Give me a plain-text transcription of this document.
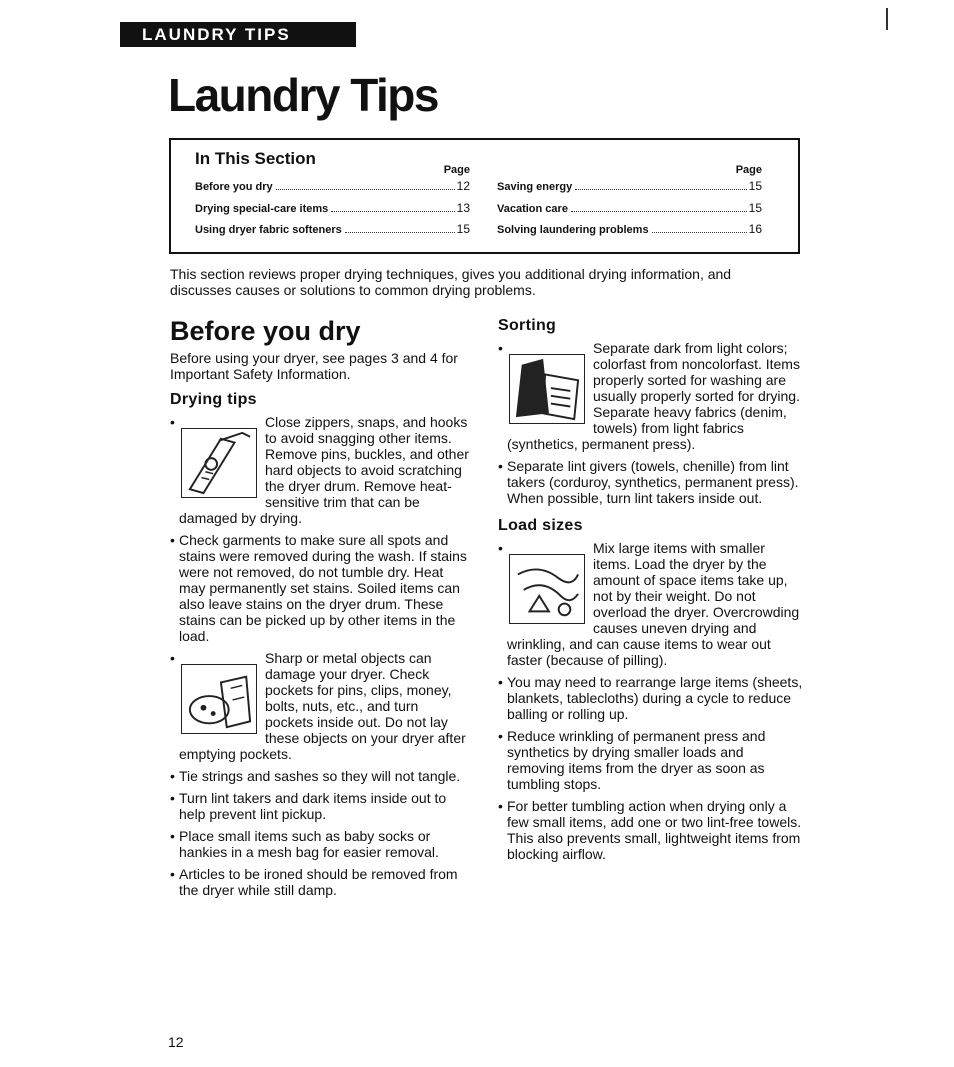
LAUNDRY TIPS
Laundry Tips
In This Section
Page
Before you dry	12
Drying special-care items	13
Using dryer fabric softeners	15
Page
Saving energy	15
Vacation care	15
Solving laundering problems	16

This section reviews proper drying techniques, gives you additional drying information, and discusses causes or solutions to common drying problems.

Before you dry

Before using your dryer, see pages 3 and 4 for Important Safety Information.

Drying tips
• Close zippers, snaps, and hooks to avoid snagging other items. Remove pins, buckles, and other hard objects to avoid scratching the dryer drum. Remove heat-sensitive trim that can be damaged by drying.
• Check garments to make sure all spots and stains were removed during the wash. If stains were not removed, do not tumble dry. Heat may permanently set stains. Soiled items can also leave stains on the dryer drum. These stains can be picked up by other items in the load.
• Sharp or metal objects can damage your dryer. Check pockets for pins, clips, money, bolts, nuts, etc., and turn pockets inside out. Do not lay these objects on your dryer after emptying pockets.
• Tie strings and sashes so they will not tangle.
• Turn lint takers and dark items inside out to help prevent lint pickup.
• Place small items such as baby socks or hankies in a mesh bag for easier removal.
• Articles to be ironed should be removed from the dryer while still damp.
Sorting
• Separate dark from light colors; colorfast from noncolorfast. Items properly sorted for washing are usually properly sorted for drying. Separate heavy fabrics (denim, towels) from light fabrics (synthetics, permanent press).
• Separate lint givers (towels, chenille) from lint takers (corduroy, synthetics, permanent press). When possible, turn lint takers inside out.
Load sizes
• Mix large items with smaller items. Load the dryer by the amount of space items take up, not by their weight. Do not overload the dryer. Overcrowding causes uneven drying and wrinkling, and can cause items to wear out faster (because of pilling).
• You may need to rearrange large items (sheets, blankets, tablecloths) during a cycle to reduce balling or rolling up.
• Reduce wrinkling of permanent press and synthetics by drying smaller loads and removing items from the dryer as soon as tumbling stops.
• For better tumbling action when drying only a few small items, add one or two lint-free towels. This also prevents small, lightweight items from blocking airflow.
12
